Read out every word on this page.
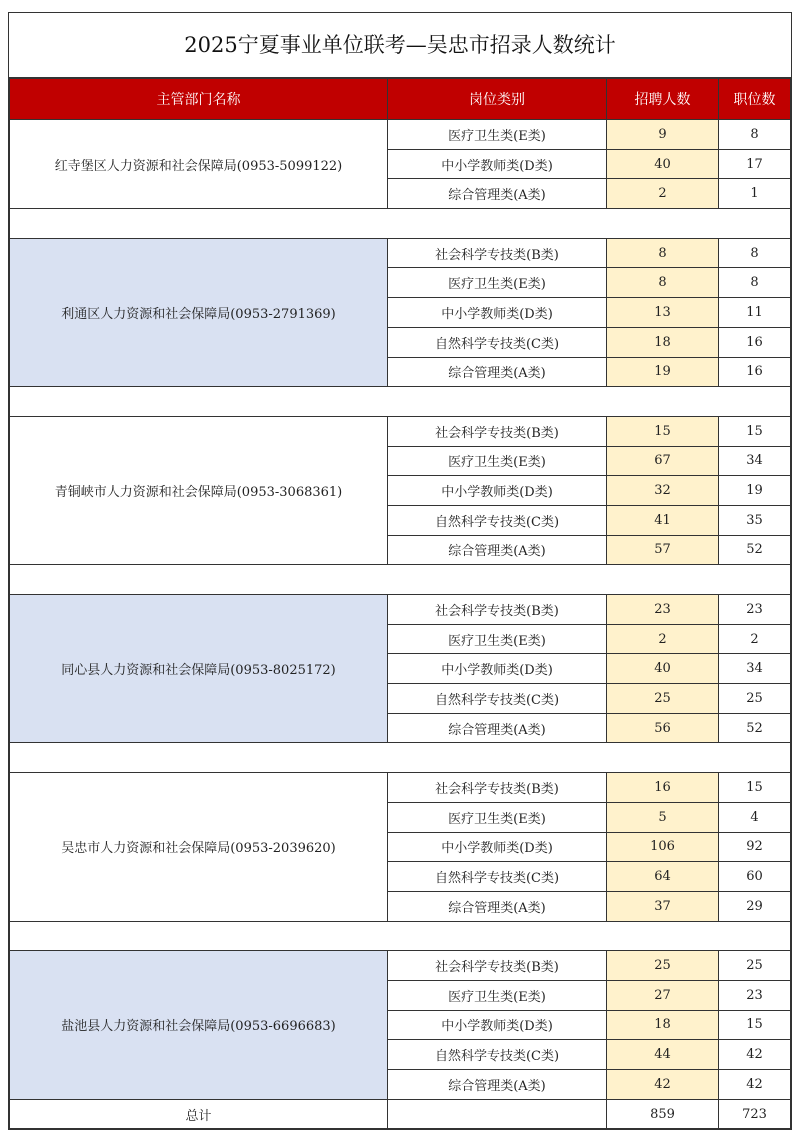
2025宁夏事业单位联考—吴忠市招录人数统计
主管部门名称	岗位类别	招聘人数	职位数
红寺堡区人力资源和社会保障局(0953-5099122)	医疗卫生类(E类)	9	8
	中小学教师类(D类)	40	17
	综合管理类(A类)	2	1

利通区人力资源和社会保障局(0953-2791369)	社会科学专技类(B类)	8	8
	医疗卫生类(E类)	8	8
	中小学教师类(D类)	13	11
	自然科学专技类(C类)	18	16
	综合管理类(A类)	19	16

青铜峡市人力资源和社会保障局(0953-3068361)	社会科学专技类(B类)	15	15
	医疗卫生类(E类)	67	34
	中小学教师类(D类)	32	19
	自然科学专技类(C类)	41	35
	综合管理类(A类)	57	52

同心县人力资源和社会保障局(0953-8025172)	社会科学专技类(B类)	23	23
	医疗卫生类(E类)	2	2
	中小学教师类(D类)	40	34
	自然科学专技类(C类)	25	25
	综合管理类(A类)	56	52

吴忠市人力资源和社会保障局(0953-2039620)	社会科学专技类(B类)	16	15
	医疗卫生类(E类)	5	4
	中小学教师类(D类)	106	92
	自然科学专技类(C类)	64	60
	综合管理类(A类)	37	29

盐池县人力资源和社会保障局(0953-6696683)	社会科学专技类(B类)	25	25
	医疗卫生类(E类)	27	23
	中小学教师类(D类)	18	15
	自然科学专技类(C类)	44	42
	综合管理类(A类)	42	42
总计		859	723
